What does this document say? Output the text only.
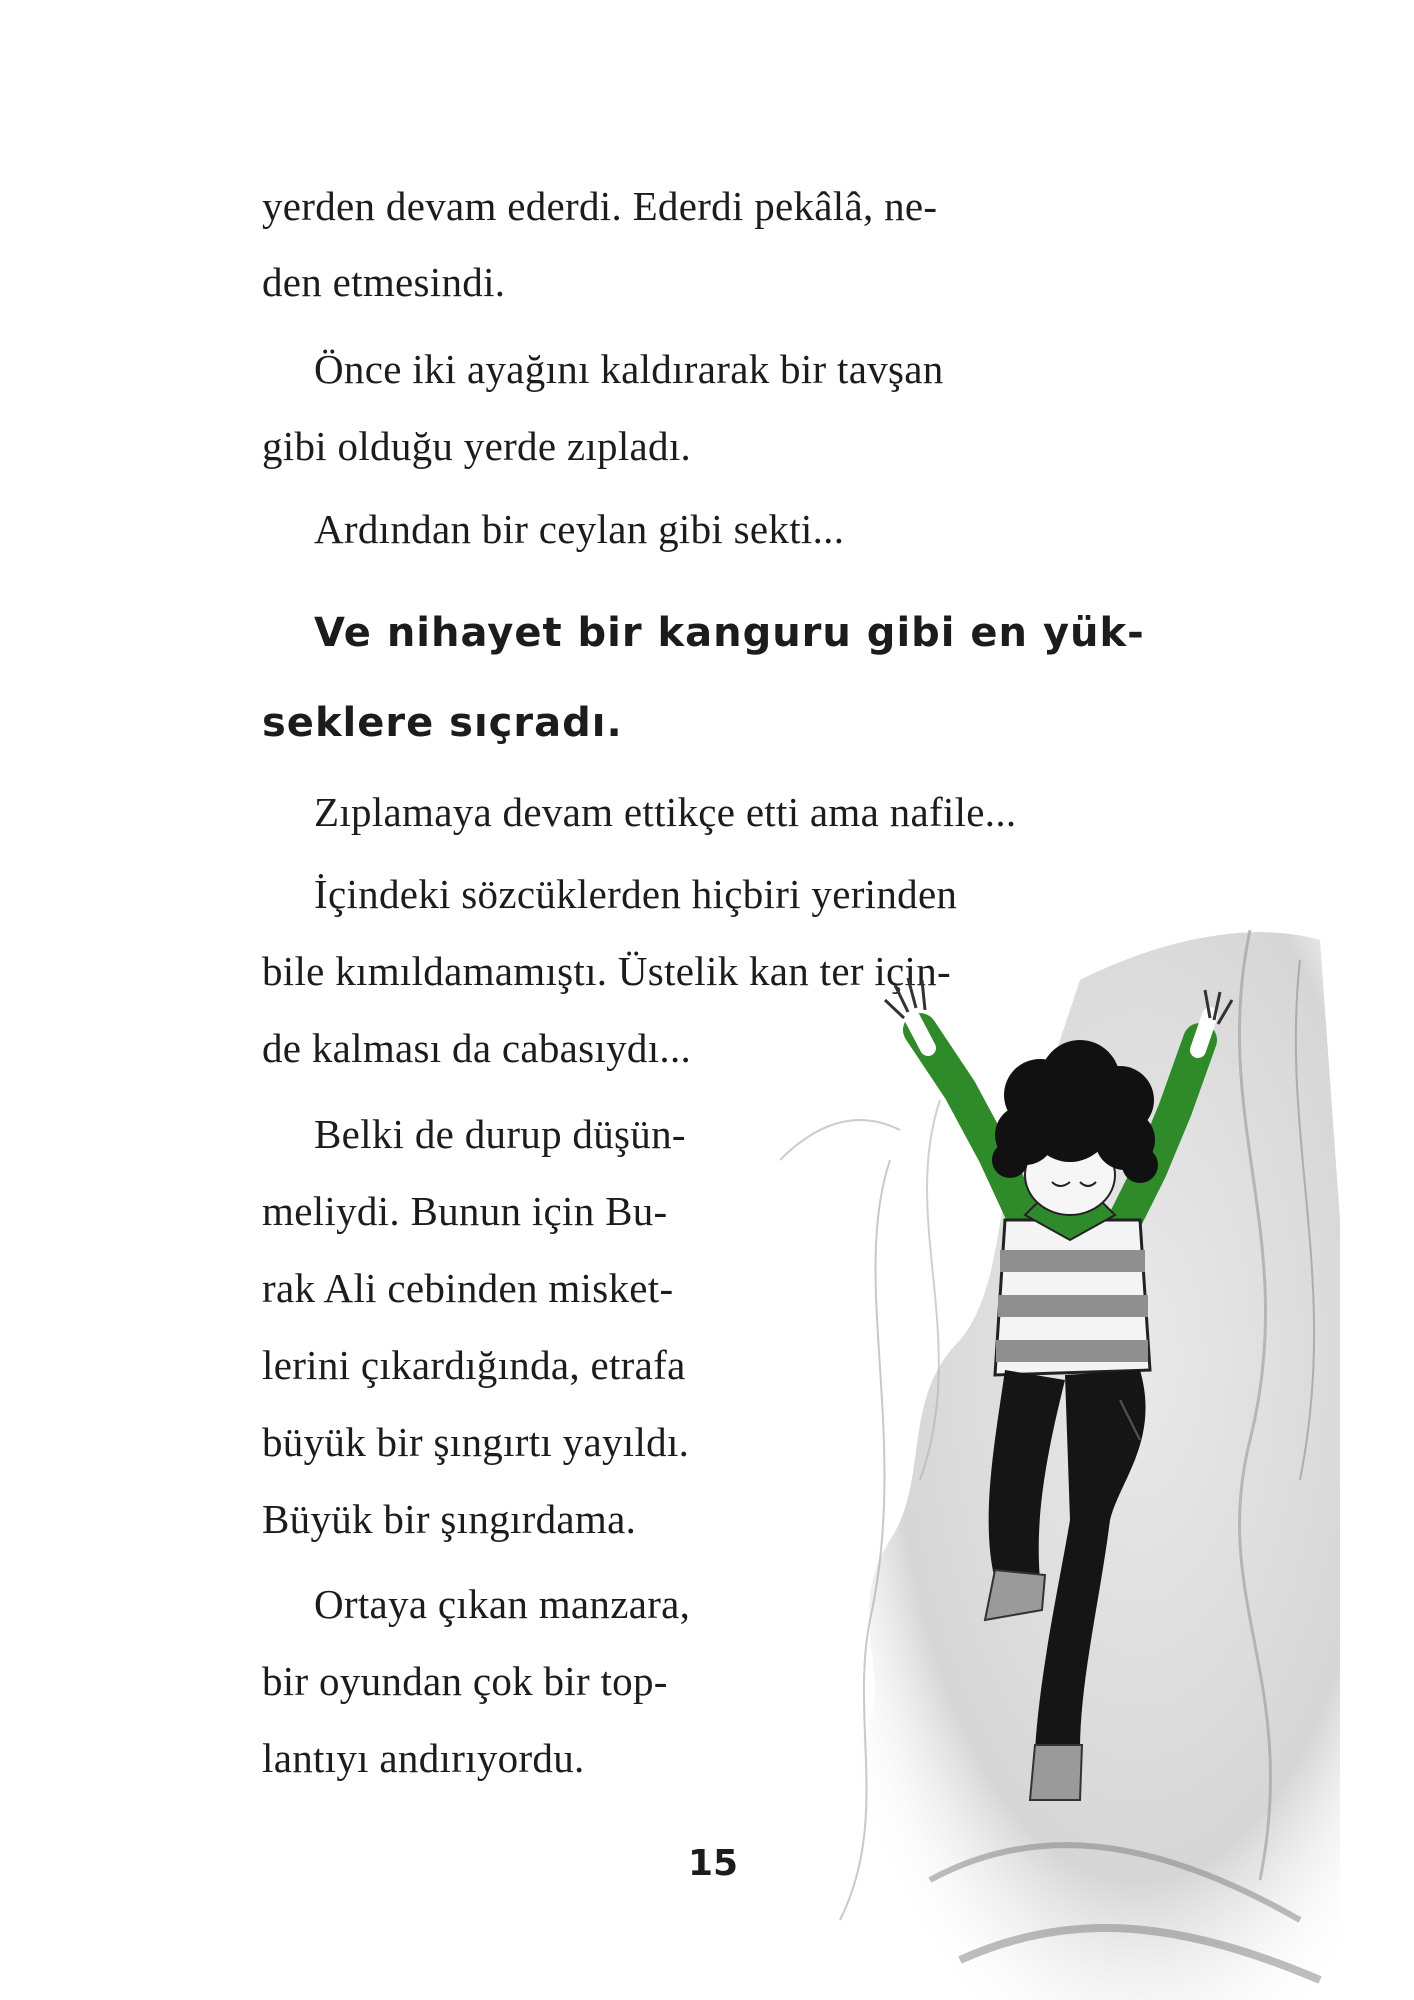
yerden devam ederdi. Ederdi pekâlâ, ne-

den etmesindi.

Önce iki ayağını kaldırarak bir tavşan

gibi olduğu yerde zıpladı.

Ardından bir ceylan gibi sekti...

Ve nihayet bir kanguru gibi en yük-

seklere sıçradı.

Zıplamaya devam ettikçe etti ama nafile...

İçindeki sözcüklerden hiçbiri yerinden

bile kımıldamamıştı. Üstelik kan ter için-

de kalması da cabasıydı...

Belki de durup düşün-

meliydi. Bunun için Bu-

rak Ali cebinden misket-

lerini çıkardığında, etrafa

büyük bir şıngırtı yayıldı.

Büyük bir şıngırdama.

Ortaya çıkan manzara,

bir oyundan çok bir top-

lantıyı andırıyordu.

15
